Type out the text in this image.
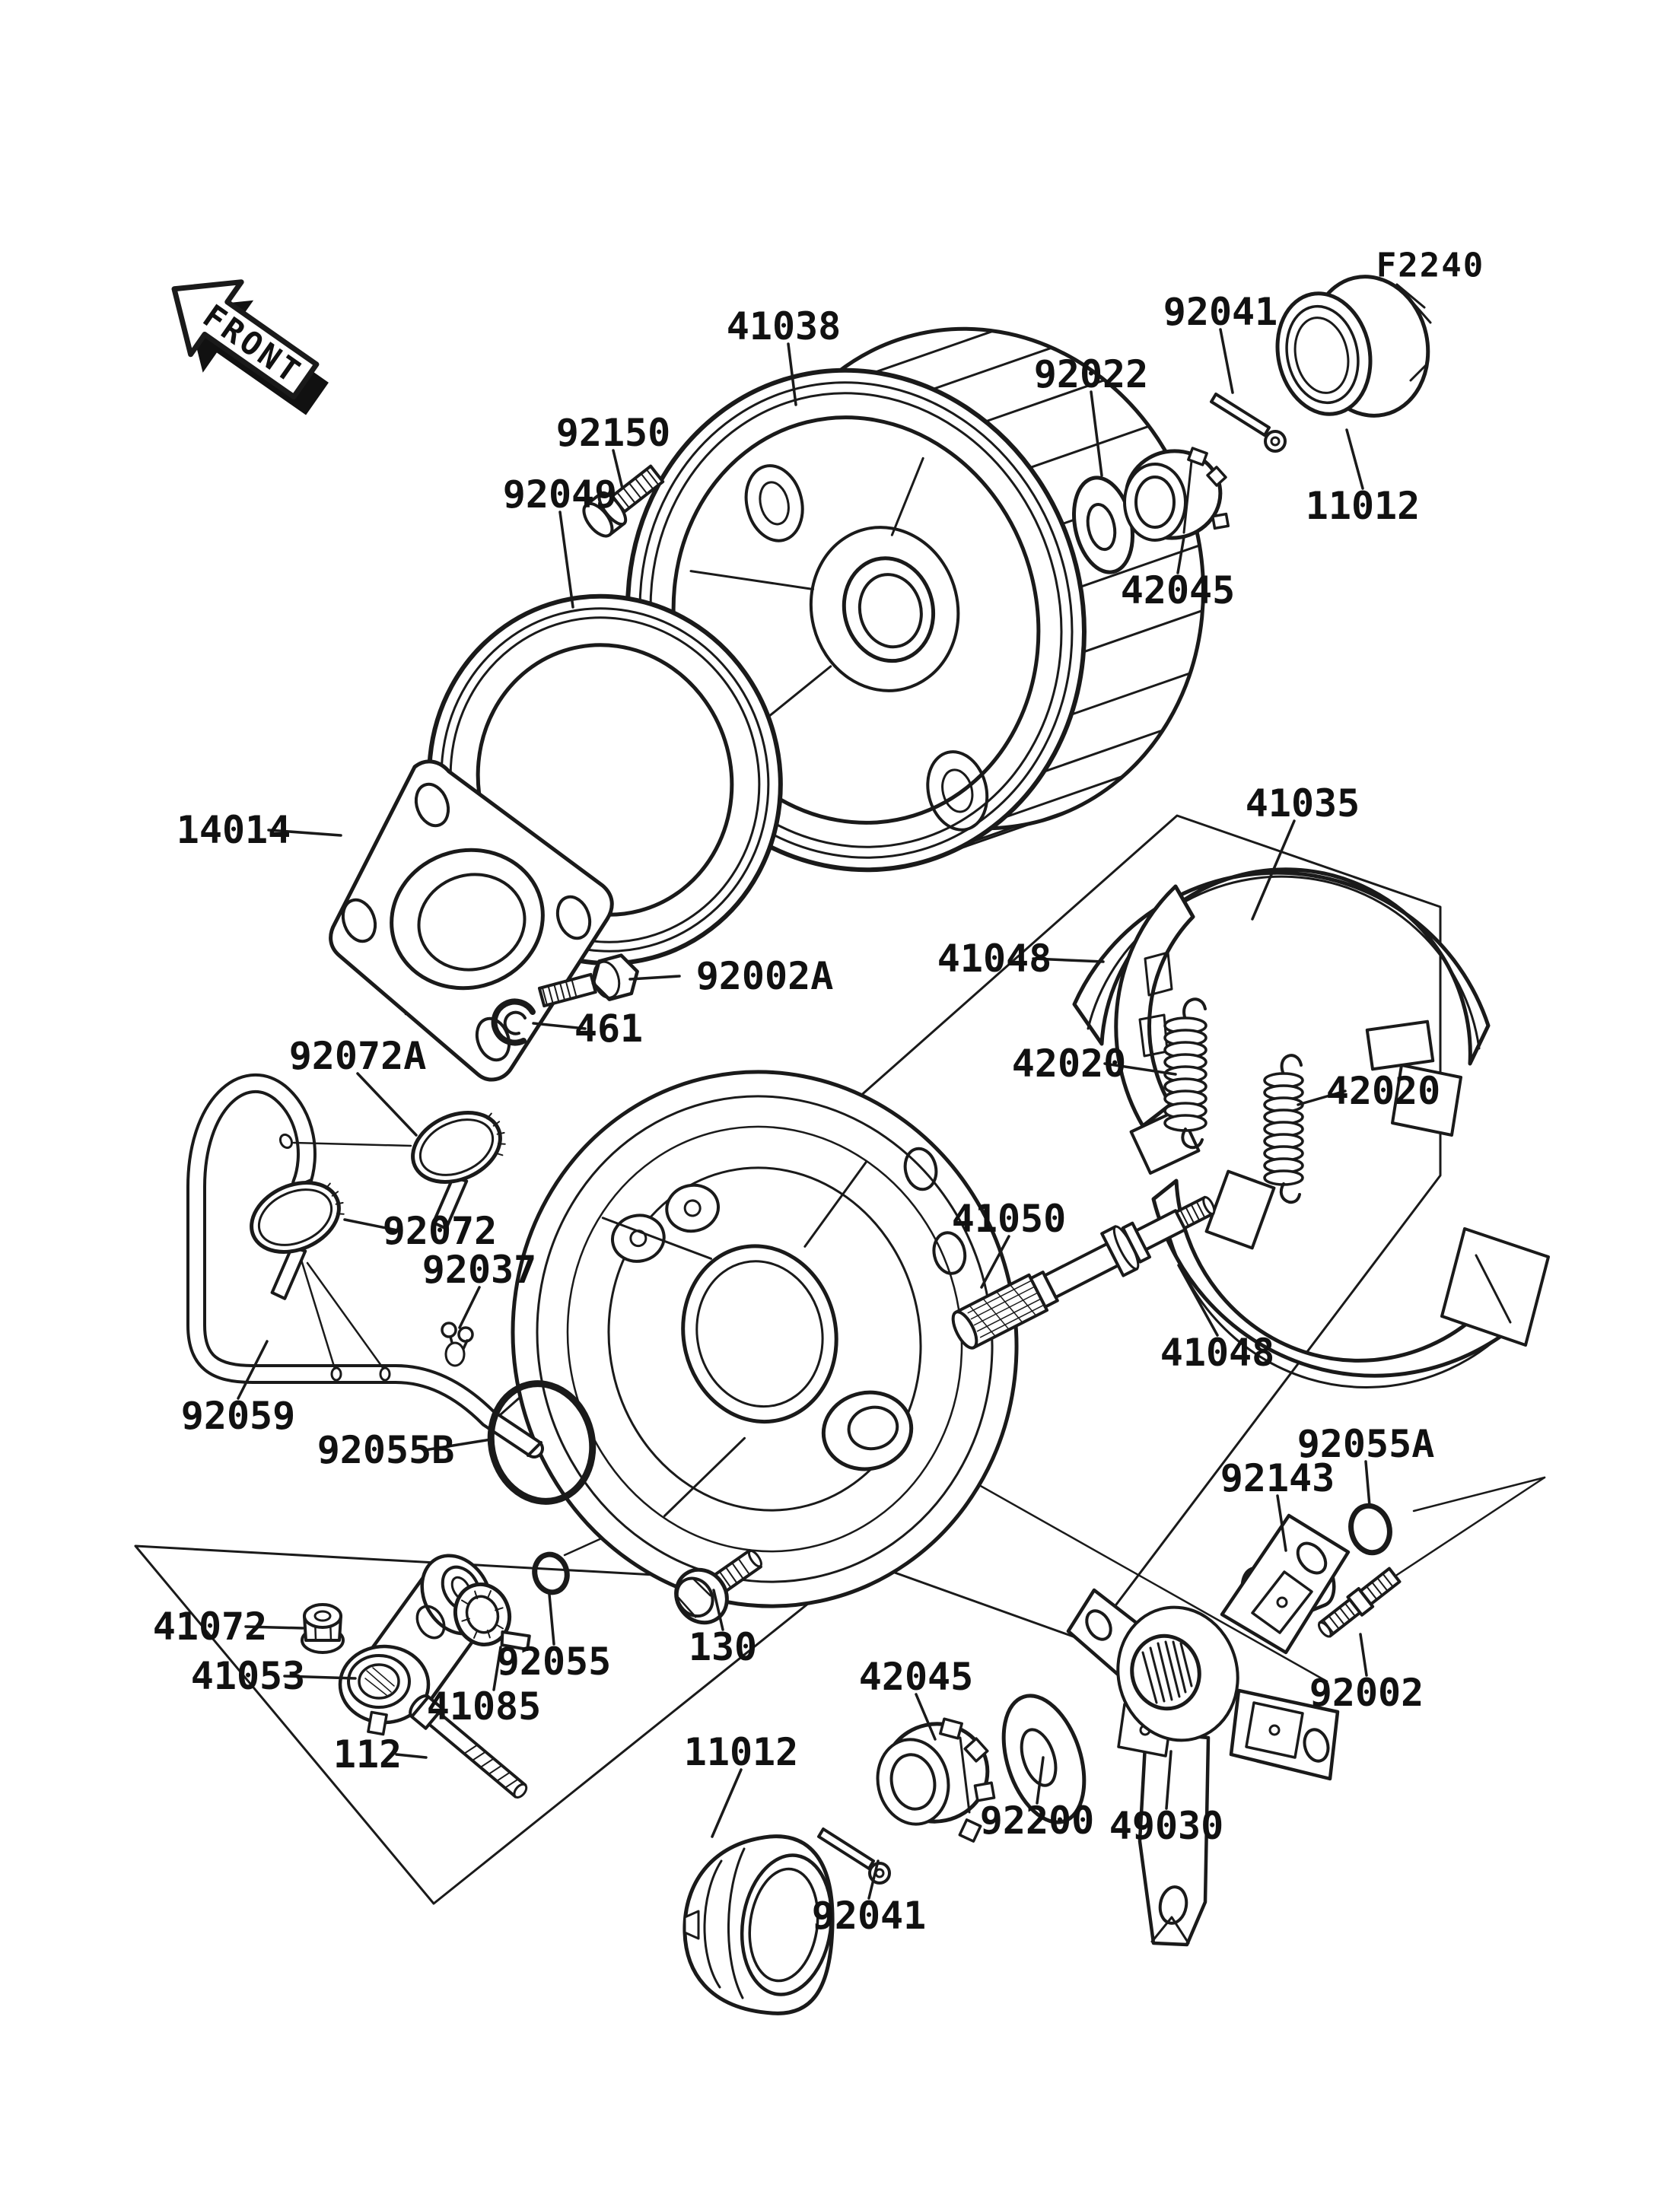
FRONT
F2240
92041
41038
92022
92150
11012
92049
42045
41035
14014
41048
92002A
461
92072A	42020
42020
92072
92037
41050
41048
92059
92055B	92055A
92143
41072
41053	92055 130
41085
112
92002
42045
11012
92200 49030
92041
